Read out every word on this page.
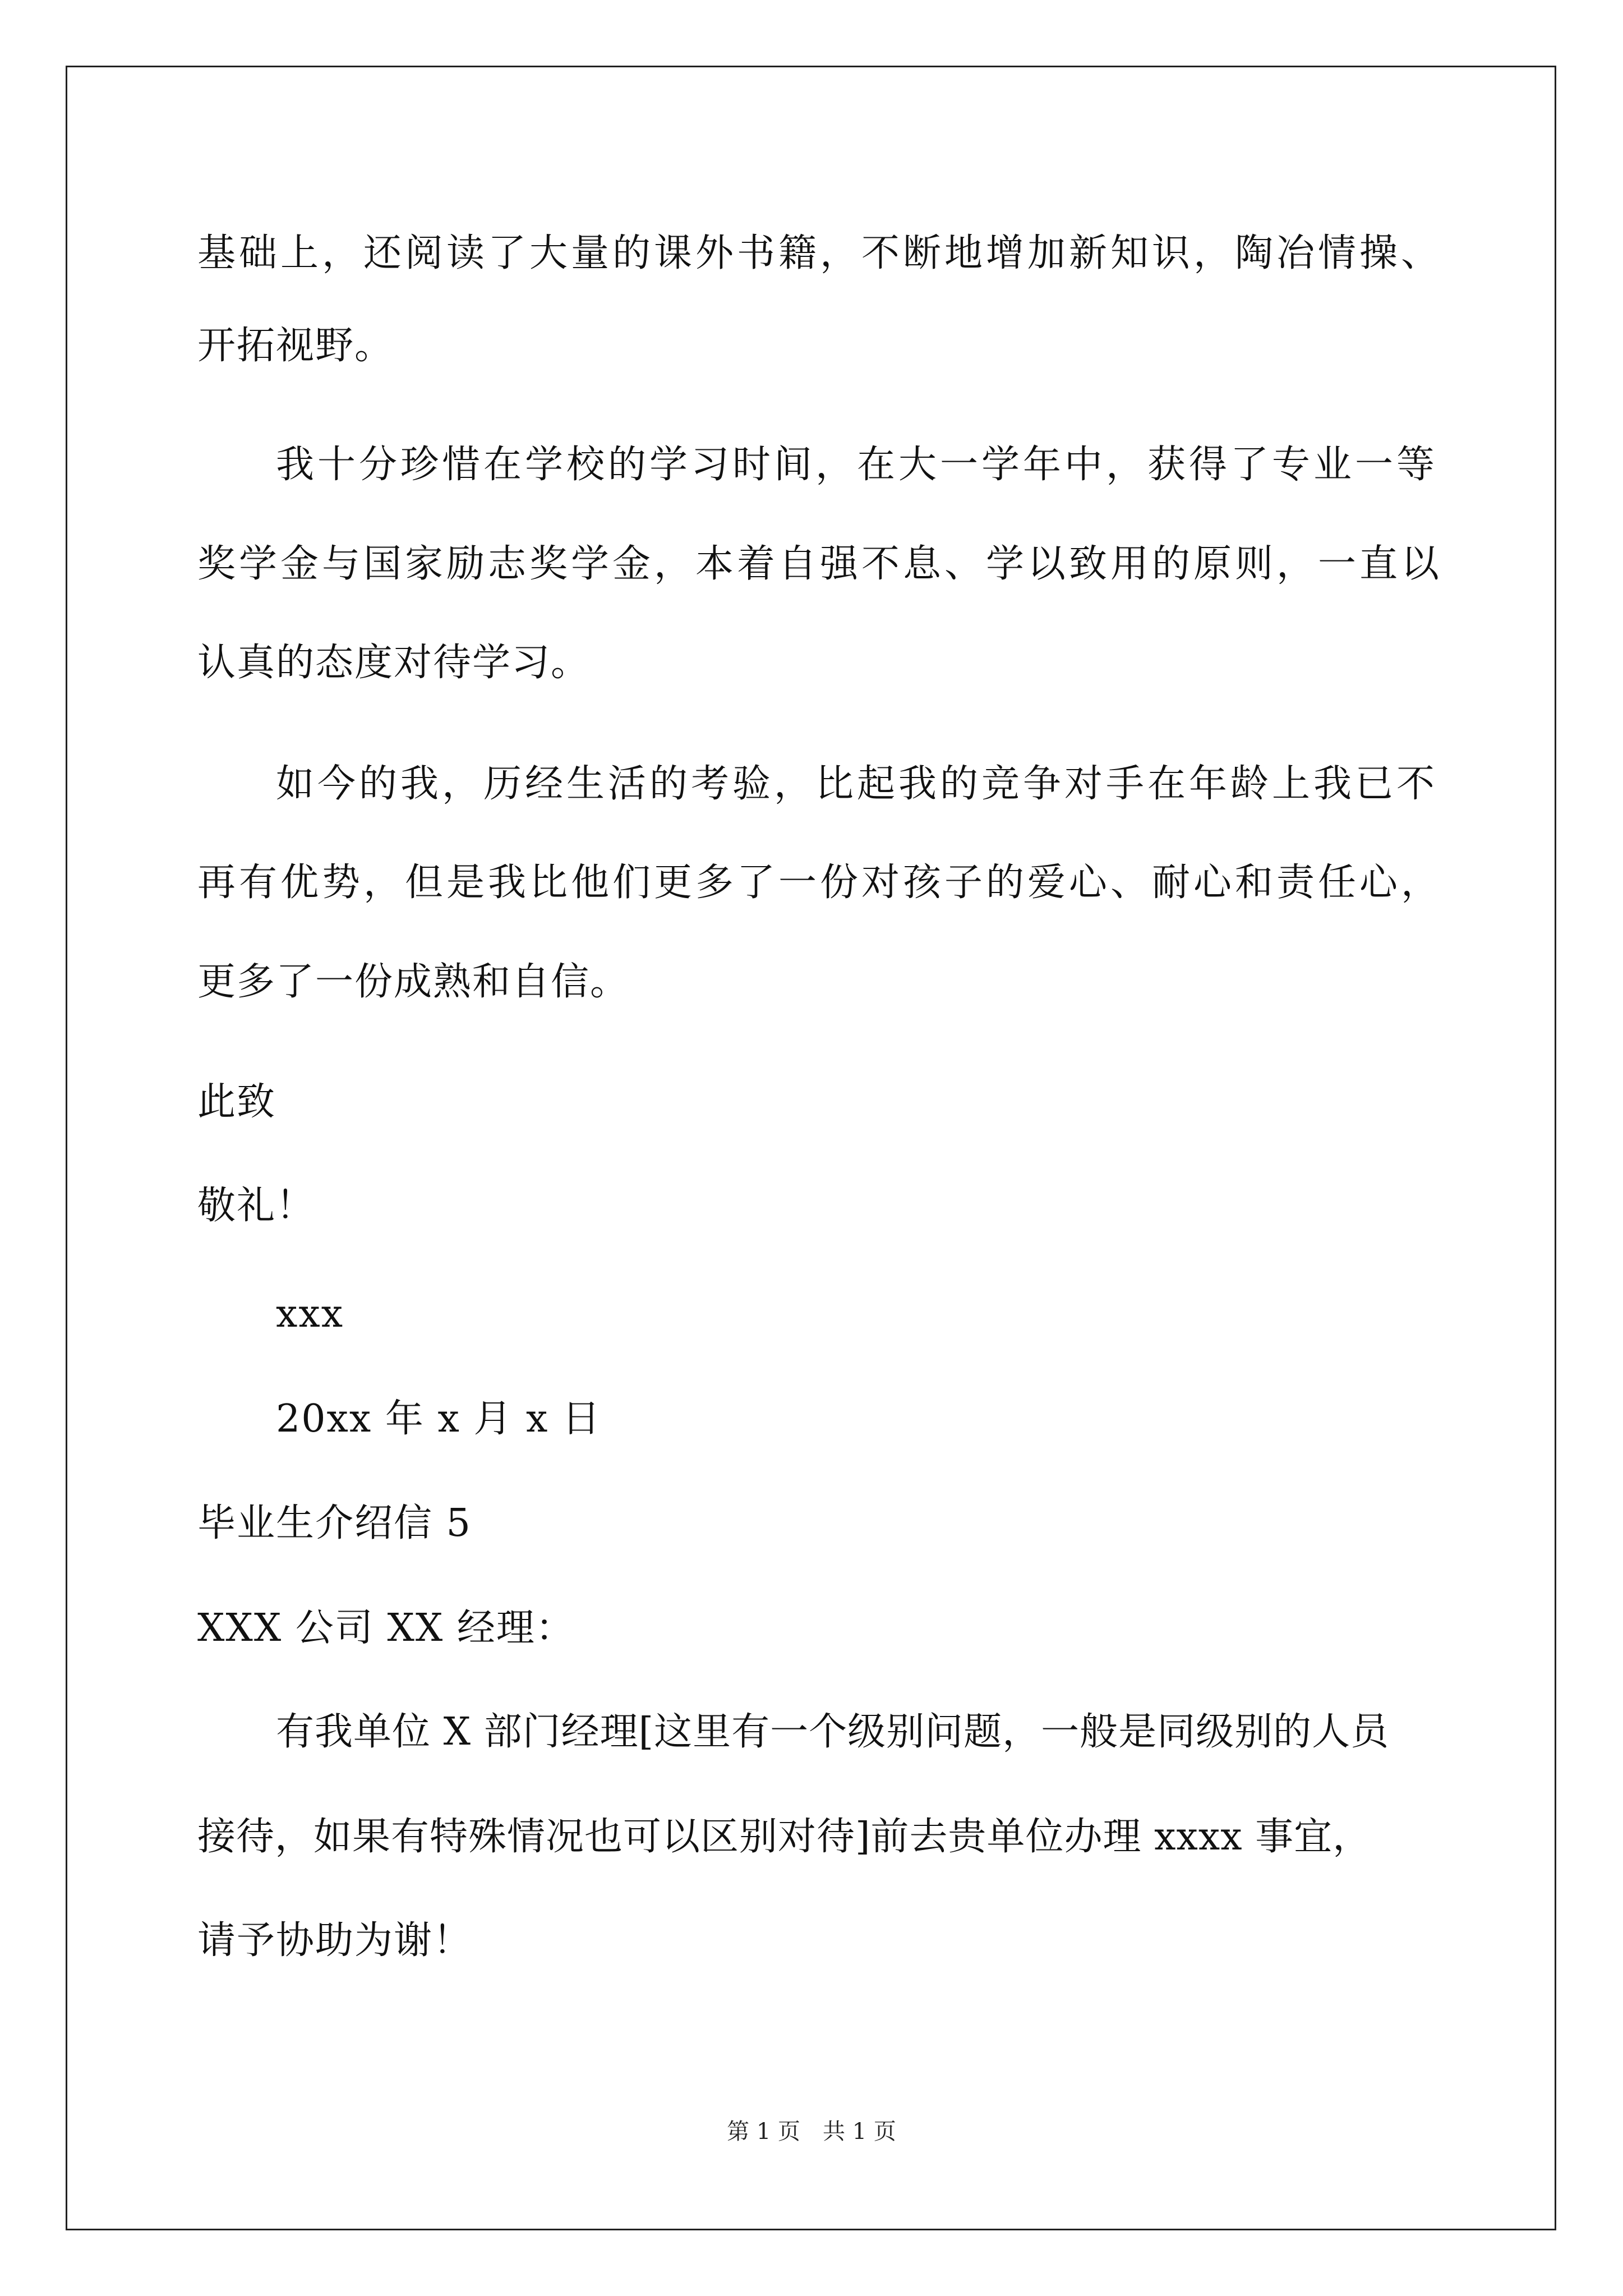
基础上，还阅读了大量的课外书籍，不断地增加新知识，陶冶情操、
开拓视野。
我十分珍惜在学校的学习时间，在大一学年中，获得了专业一等
奖学金与国家励志奖学金，本着自强不息、学以致用的原则，一直以
认真的态度对待学习。
如今的我，历经生活的考验，比起我的竞争对手在年龄上我已不
再有优势，但是我比他们更多了一份对孩子的爱心、耐心和责任心，
更多了一份成熟和自信。
此致
敬礼！
xxx
20xx 年 x 月 x 日
毕业生介绍信 5
XXX 公司 XX 经理：
有我单位 X 部门经理[这里有一个级别问题，一般是同级别的人员
接待，如果有特殊情况也可以区别对待]前去贵单位办理 xxxx 事宜，
请予协助为谢！
第 1 页　共 1 页
